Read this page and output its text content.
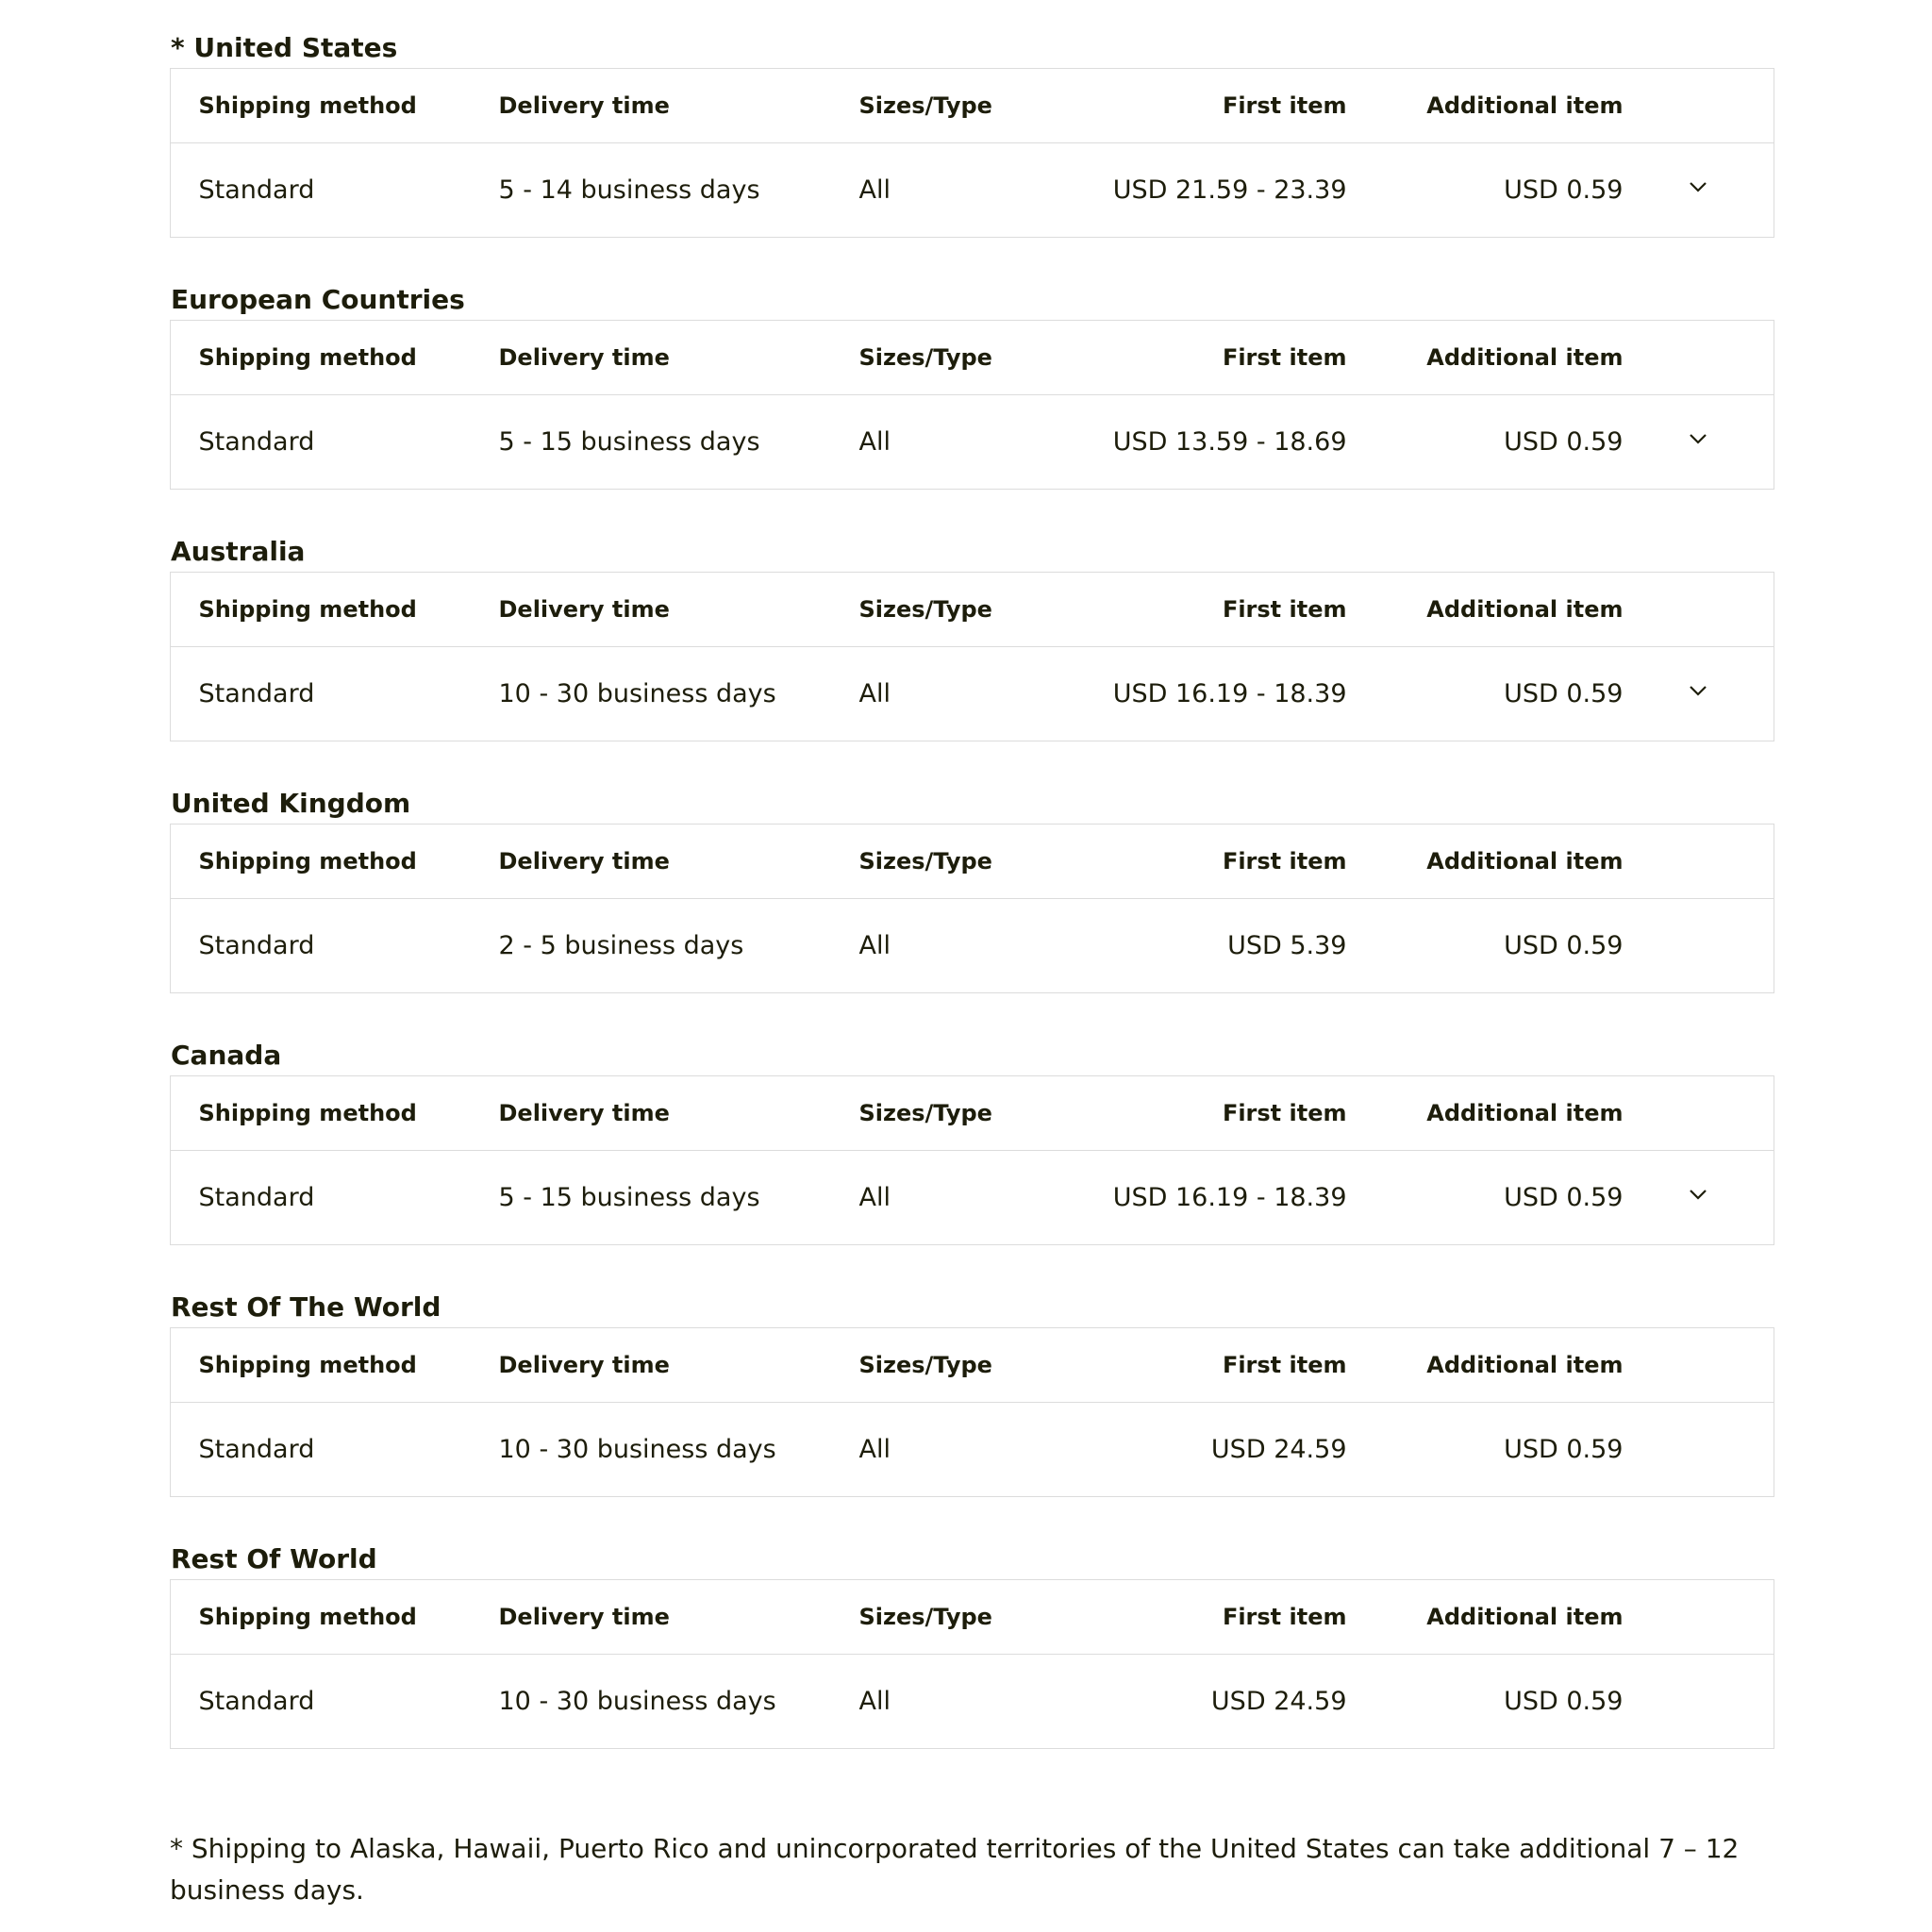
* United States
	Shipping method	Delivery time	Sizes/Type	First item	Additional item	
	Standard	5 - 14 business days	All	USD 21.59 - 23.39	USD 0.59	
European Countries
	Shipping method	Delivery time	Sizes/Type	First item	Additional item	
	Standard	5 - 15 business days	All	USD 13.59 - 18.69	USD 0.59	
Australia
	Shipping method	Delivery time	Sizes/Type	First item	Additional item	
	Standard	10 - 30 business days	All	USD 16.19 - 18.39	USD 0.59	
United Kingdom
	Shipping method	Delivery time	Sizes/Type	First item	Additional item	
	Standard	2 - 5 business days	All	USD 5.39	USD 0.59	
Canada
	Shipping method	Delivery time	Sizes/Type	First item	Additional item	
	Standard	5 - 15 business days	All	USD 16.19 - 18.39	USD 0.59	
Rest Of The World
	Shipping method	Delivery time	Sizes/Type	First item	Additional item	
	Standard	10 - 30 business days	All	USD 24.59	USD 0.59	
Rest Of World
	Shipping method	Delivery time	Sizes/Type	First item	Additional item	
	Standard	10 - 30 business days	All	USD 24.59	USD 0.59	

* Shipping to Alaska, Hawaii, Puerto Rico and unincorporated territories of the United States can take additional 7 – 12 business days.
